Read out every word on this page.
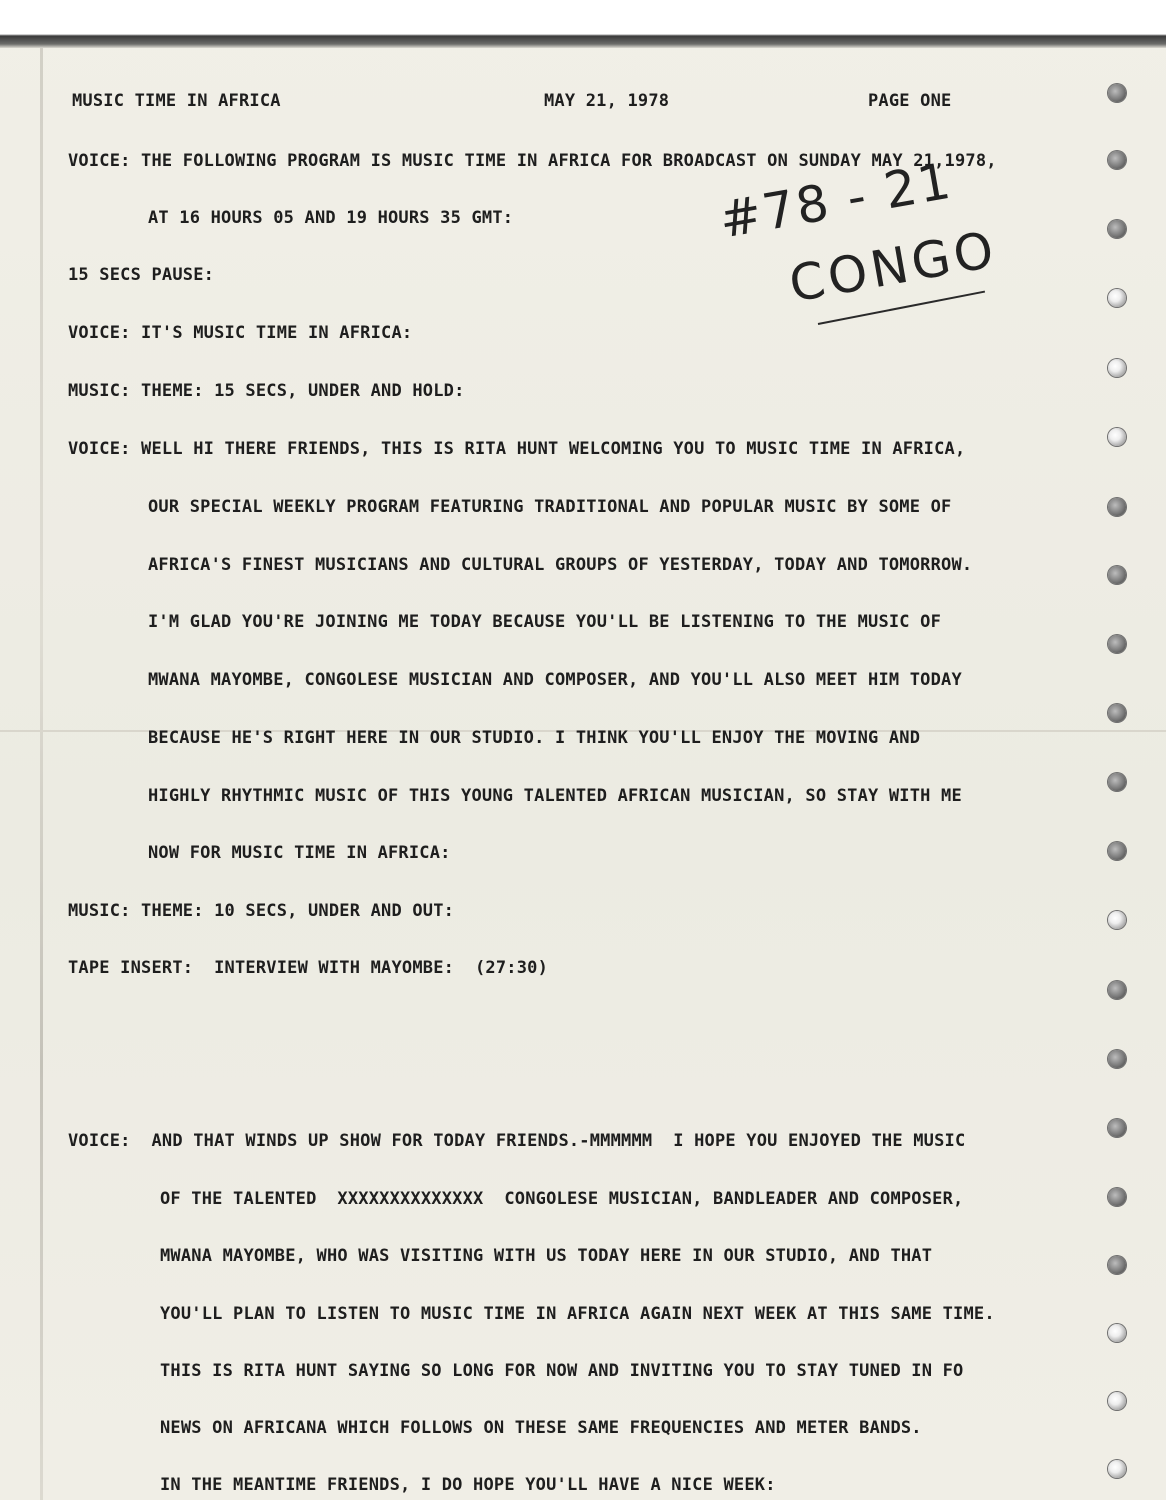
MUSIC TIME IN AFRICA	MAY 21, 1978	PAGE ONE
#78 - 21
CONGO
VOICE: THE FOLLOWING PROGRAM IS MUSIC TIME IN AFRICA FOR BROADCAST ON SUNDAY MAY 21,1978,
AT 16 HOURS 05 AND 19 HOURS 35 GMT:
15 SECS PAUSE:
VOICE: IT'S MUSIC TIME IN AFRICA:
MUSIC: THEME: 15 SECS, UNDER AND HOLD:
VOICE: WELL HI THERE FRIENDS, THIS IS RITA HUNT WELCOMING YOU TO MUSIC TIME IN AFRICA,
OUR SPECIAL WEEKLY PROGRAM FEATURING TRADITIONAL AND POPULAR MUSIC BY SOME OF
AFRICA'S FINEST MUSICIANS AND CULTURAL GROUPS OF YESTERDAY, TODAY AND TOMORROW.
I'M GLAD YOU'RE JOINING ME TODAY BECAUSE YOU'LL BE LISTENING TO THE MUSIC OF
MWANA MAYOMBE, CONGOLESE MUSICIAN AND COMPOSER, AND YOU'LL ALSO MEET HIM TODAY
BECAUSE HE'S RIGHT HERE IN OUR STUDIO. I THINK YOU'LL ENJOY THE MOVING AND
HIGHLY RHYTHMIC MUSIC OF THIS YOUNG TALENTED AFRICAN MUSICIAN, SO STAY WITH ME
NOW FOR MUSIC TIME IN AFRICA:
MUSIC: THEME: 10 SECS, UNDER AND OUT:
TAPE INSERT:  INTERVIEW WITH MAYOMBE:  (27:30)
VOICE:  AND THAT WINDS UP SHOW FOR TODAY FRIENDS.-MMMMMM  I HOPE YOU ENJOYED THE MUSIC
OF THE TALENTED  XXXXXXXXXXXXXX  CONGOLESE MUSICIAN, BANDLEADER AND COMPOSER,
MWANA MAYOMBE, WHO WAS VISITING WITH US TODAY HERE IN OUR STUDIO, AND THAT
YOU'LL PLAN TO LISTEN TO MUSIC TIME IN AFRICA AGAIN NEXT WEEK AT THIS SAME TIME.
THIS IS RITA HUNT SAYING SO LONG FOR NOW AND INVITING YOU TO STAY TUNED IN FO
NEWS ON AFRICANA WHICH FOLLOWS ON THESE SAME FREQUENCIES AND METER BANDS.
IN THE MEANTIME FRIENDS, I DO HOPE YOU'LL HAVE A NICE WEEK:
